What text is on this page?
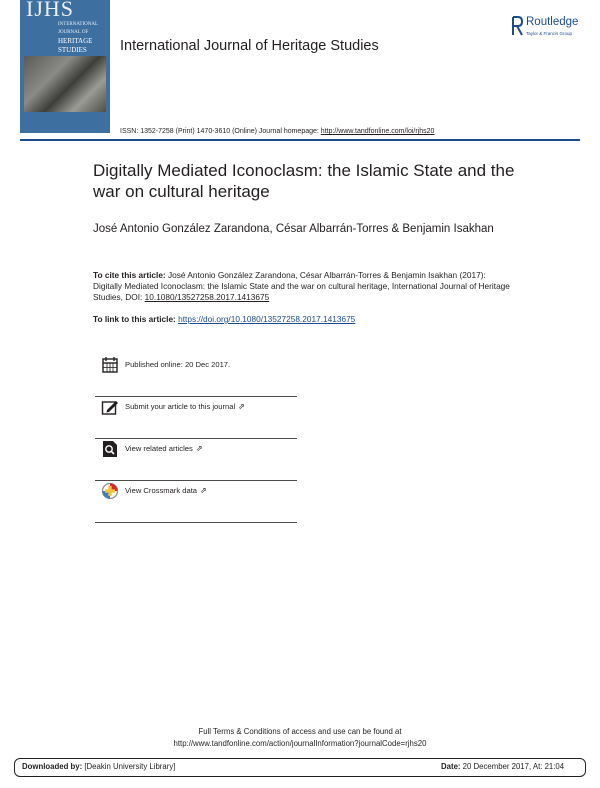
IJHS
INTERNATIONAL
JOURNAL OF
HERITAGE
STUDIES International Journal of Heritage Studies
Routledge
Taylor & Francis Group
ISSN: 1352-7258 (Print) 1470-3610 (Online) Journal homepage: http://www.tandfonline.com/loi/rjhs20
Digitally Mediated Iconoclasm: the Islamic State and the war on cultural heritage
José Antonio González Zarandona, César Albarrán-Torres & Benjamin Isakhan
To cite this article: José Antonio González Zarandona, César Albarrán-Torres & Benjamin Isakhan (2017): Digitally Mediated Iconoclasm: the Islamic State and the war on cultural heritage, International Journal of Heritage Studies, DOI: 10.1080/13527258.2017.1413675
To link to this article: https://doi.org/10.1080/13527258.2017.1413675
Published online: 20 Dec 2017.
Submit your article to this journal ⇗
View related articles ⇗
View Crossmark data ⇗
Full Terms & Conditions of access and use can be found at
http://www.tandfonline.com/action/journalInformation?journalCode=rjhs20
Downloaded by: [Deakin University Library]	Date: 20 December 2017, At: 21:04
